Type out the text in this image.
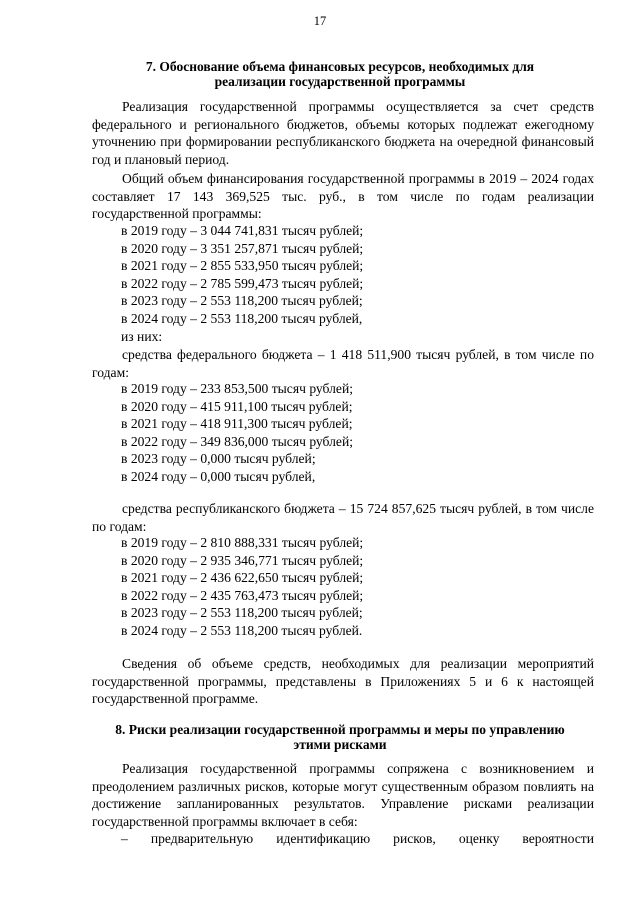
17
7. Обоснование объема финансовых ресурсов, необходимых для
реализации государственной программы

Реализация государственной программы осуществляется за счет средств федерального и регионального бюджетов, объемы которых подлежат ежегодному уточнению при формировании республиканского бюджета на очередной финансовый год и плановый период.

Общий объем финансирования государственной программы в 2019 – 2024 годах составляет 17 143 369,525 тыс. руб., в том числе по годам реализации государственной программы:

в 2019 году – 3 044 741,831 тысяч рублей;
в 2020 году – 3 351 257,871 тысяч рублей;
в 2021 году – 2 855 533,950 тысяч рублей;
в 2022 году – 2 785 599,473 тысяч рублей;
в 2023 году – 2 553 118,200 тысяч рублей;
в 2024 году – 2 553 118,200 тысяч рублей,
из них:

средства федерального бюджета – 1 418 511,900 тысяч рублей, в том числе по годам:

в 2019 году – 233 853,500 тысяч рублей;
в 2020 году – 415 911,100 тысяч рублей;
в 2021 году – 418 911,300 тысяч рублей;
в 2022 году – 349 836,000 тысяч рублей;
в 2023 году – 0,000 тысяч рублей;
в 2024 году – 0,000 тысяч рублей,

средства республиканского бюджета – 15 724 857,625 тысяч рублей, в том числе по годам:

в 2019 году – 2 810 888,331 тысяч рублей;
в 2020 году – 2 935 346,771 тысяч рублей;
в 2021 году – 2 436 622,650 тысяч рублей;
в 2022 году – 2 435 763,473 тысяч рублей;
в 2023 году – 2 553 118,200 тысяч рублей;
в 2024 году – 2 553 118,200 тысяч рублей.

Сведения об объеме средств, необходимых для реализации мероприятий государственной программы, представлены в Приложениях 5 и 6 к настоящей государственной программе.

8. Риски реализации государственной программы и меры по управлению
этими рисками

Реализация государственной программы сопряжена с возникновением и преодолением различных рисков, которые могут существенным образом повлиять на достижение запланированных результатов. Управление рисками реализации государственной программы включает в себя:

– предварительную идентификацию рисков, оценку вероятности
